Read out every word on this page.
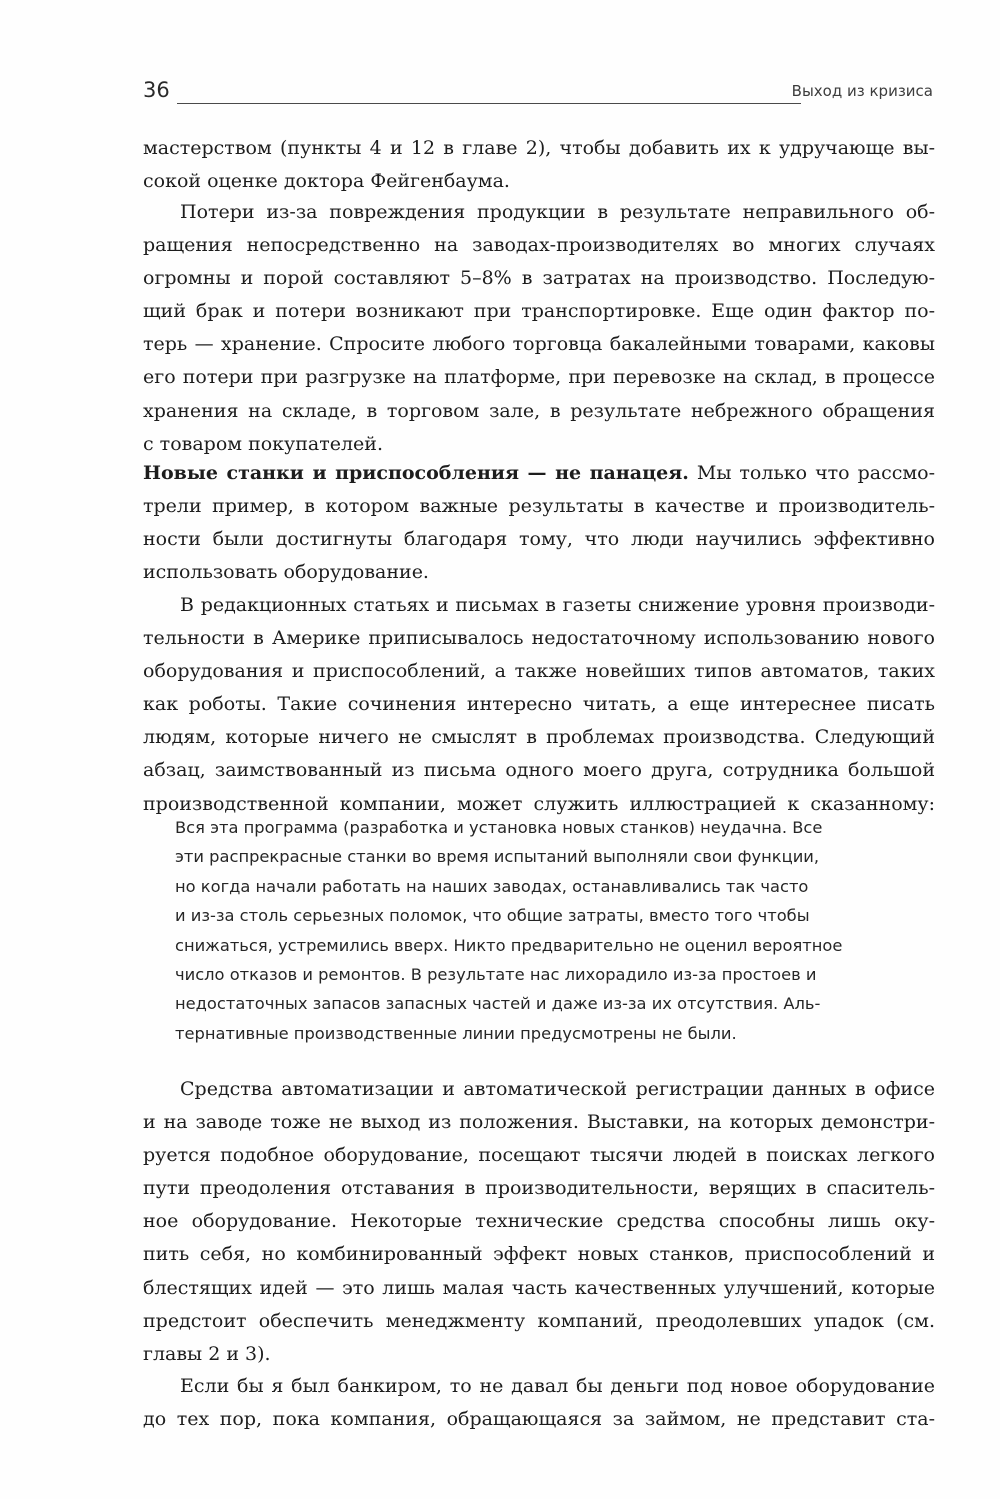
36	Выход из кризиса
мастерством (пункты 4 и 12 в главе 2), чтобы добавить их к удручающе вы-
сокой оценке доктора Фейгенбаума.
Потери из-за повреждения продукции в результате неправильного об-
ращения непосредственно на заводах-производителях во многих случаях
огромны и порой составляют 5–8% в затратах на производство. Последую-
щий брак и потери возникают при транспортировке. Еще один фактор по-
терь — хранение. Спросите любого торговца бакалейными товарами, каковы
его потери при разгрузке на платформе, при перевозке на склад, в процессе
хранения на складе, в торговом зале, в результате небрежного обращения
с товаром покупателей.
Новые станки и приспособления — не панацея. Мы только что рассмо-
трели пример, в котором важные результаты в качестве и производитель-
ности были достигнуты благодаря тому, что люди научились эффективно
использовать оборудование.
В редакционных статьях и письмах в газеты снижение уровня производи-
тельности в Америке приписывалось недостаточному использованию нового
оборудования и приспособлений, а также новейших типов автоматов, таких
как роботы. Такие сочинения интересно читать, а еще интереснее писать
людям, которые ничего не смыслят в проблемах производства. Следующий
абзац, заимствованный из письма одного моего друга, сотрудника большой
производственной компании, может служить иллюстрацией к сказанному:
Вся эта программа (разработка и установка новых станков) неудачна. Все
эти распрекрасные станки во время испытаний выполняли свои функции,
но когда начали работать на наших заводах, останавливались так часто
и из-за столь серьезных поломок, что общие затраты, вместо того чтобы
снижаться, устремились вверх. Никто предварительно не оценил вероятное
число отказов и ремонтов. В результате нас лихорадило из-за простоев и
недостаточных запасов запасных частей и даже из-за их отсутствия. Аль-
тернативные производственные линии предусмотрены не были.
Средства автоматизации и автоматической регистрации данных в офисе
и на заводе тоже не выход из положения. Выставки, на которых демонстри-
руется подобное оборудование, посещают тысячи людей в поисках легкого
пути преодоления отставания в производительности, верящих в спаситель-
ное оборудование. Некоторые технические средства способны лишь оку-
пить себя, но комбинированный эффект новых станков, приспособлений и
блестящих идей — это лишь малая часть качественных улучшений, которые
предстоит обеспечить менеджменту компаний, преодолевших упадок (см.
главы 2 и 3).
Если бы я был банкиром, то не давал бы деньги под новое оборудование
до тех пор, пока компания, обращающаяся за займом, не представит ста-
